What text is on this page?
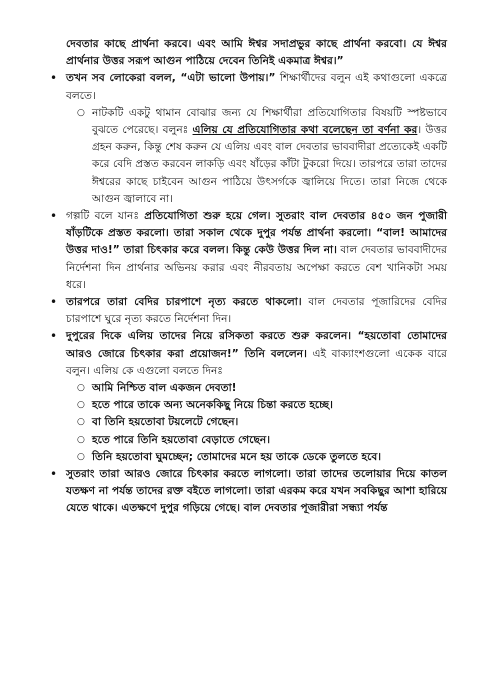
দেবতার কাছে প্রার্থনা করবে। এবং আমি ঈশ্বর সদাপ্রভুর কাছে প্রার্থনা করবো। যে ঈশ্বর প্রার্থনার উত্তর সরূপ আগুন পাঠিয়ে দেবেন তিনিই একমাত্র ঈশ্বর।”

• তখন সব লোকেরা বলল, “এটা ভালো উপায়।” শিক্ষার্থীদের বলুন এই কথাগুলো একত্রে বলতে।
○ নাটকটি একটু থামান বোঝার জন্য যে শিক্ষার্থীরা প্রতিযোগিতার বিষয়টি স্পষ্টভাবে বুঝতে পেরেছে। বলুনঃ এলিয় যে প্রতিযোগিতার কথা বলেছেন তা বর্ণনা কর। উত্তর গ্রহন করুন, কিন্তু শেষ করুন যে এলিয় এবং বাল দেবতার ভাববাদীরা প্রত্যেকেই একটি করে বেদি প্রস্তত করবেন লাকড়ি এবং ষাঁড়ের কাঁটা টুকরো দিয়ে। তারপরে তারা তাদের ঈশ্বরের কাছে চাইবেন আগুন পাঠিয়ে উৎসর্গকে জ্বালিয়ে দিতে। তারা নিজে থেকে আগুন জ্বালাবে না।
• গল্পটি বলে যানঃ প্রতিযোগিতা শুরু হয়ে গেল। সুতরাং বাল দেবতার ৪৫০ জন পুজারী ষাঁড়টিকে প্রস্তত করলো। তারা সকাল থেকে দুপুর পর্যন্ত প্রার্থনা করলো। “বাল! আমাদের উত্তর দাও!” তারা চিৎকার করে বলল। কিন্তু কেউ উত্তর দিল না। বাল দেবতার ভাববাদীদের নির্দেশনা দিন প্রার্থনার অভিনয় করার এবং নীরবতায় অপেক্ষা করতে বেশ খানিকটা সময় ধরে।
• তারপরে তারা বেদির চারপাশে নৃত্য করতে থাকলো। বাল দেবতার পূজারিদের বেদির চারপাশে ঘুরে নৃত্য করতে নির্দেশনা দিন।
• দুপুরের দিকে এলিয় তাদের নিয়ে রসিকতা করতে শুরু করলেন। “হয়তোবা তোমাদের আরও জোরে চিৎকার করা প্রয়োজন!” তিনি বললেন। এই বাক্যাংশগুলো একেক বারে বলুন। এলিয় কে এগুলো বলতে দিনঃ
○ আমি নিশ্চিত বাল একজন দেবতা!
○ হতে পারে তাকে অন্য অনেককিছু নিয়ে চিন্তা করতে হচ্ছে।
○ বা তিনি হয়তোবা টয়লেটে গেছেন।
○ হতে পারে তিনি হয়তোবা বেড়াতে গেছেন।
○ তিনি হয়তোবা ঘুমচ্ছেন; তোমাদের মনে হয় তাকে ডেকে তুলতে হবে।
• সুতরাং তারা আরও জোরে চিৎকার করতে লাগলো। তারা তাদের তলোয়ার দিয়ে কাতল যতক্ষণ না পর্যন্ত তাদের রক্ত বইতে লাগলো। তারা এরকম করে যখন সবকিছুর আশা হারিয়ে যেতে থাকে। এতক্ষণে দুপুর গড়িয়ে গেছে। বাল দেবতার পূজারীরা সন্ধ্যা পর্যন্ত
